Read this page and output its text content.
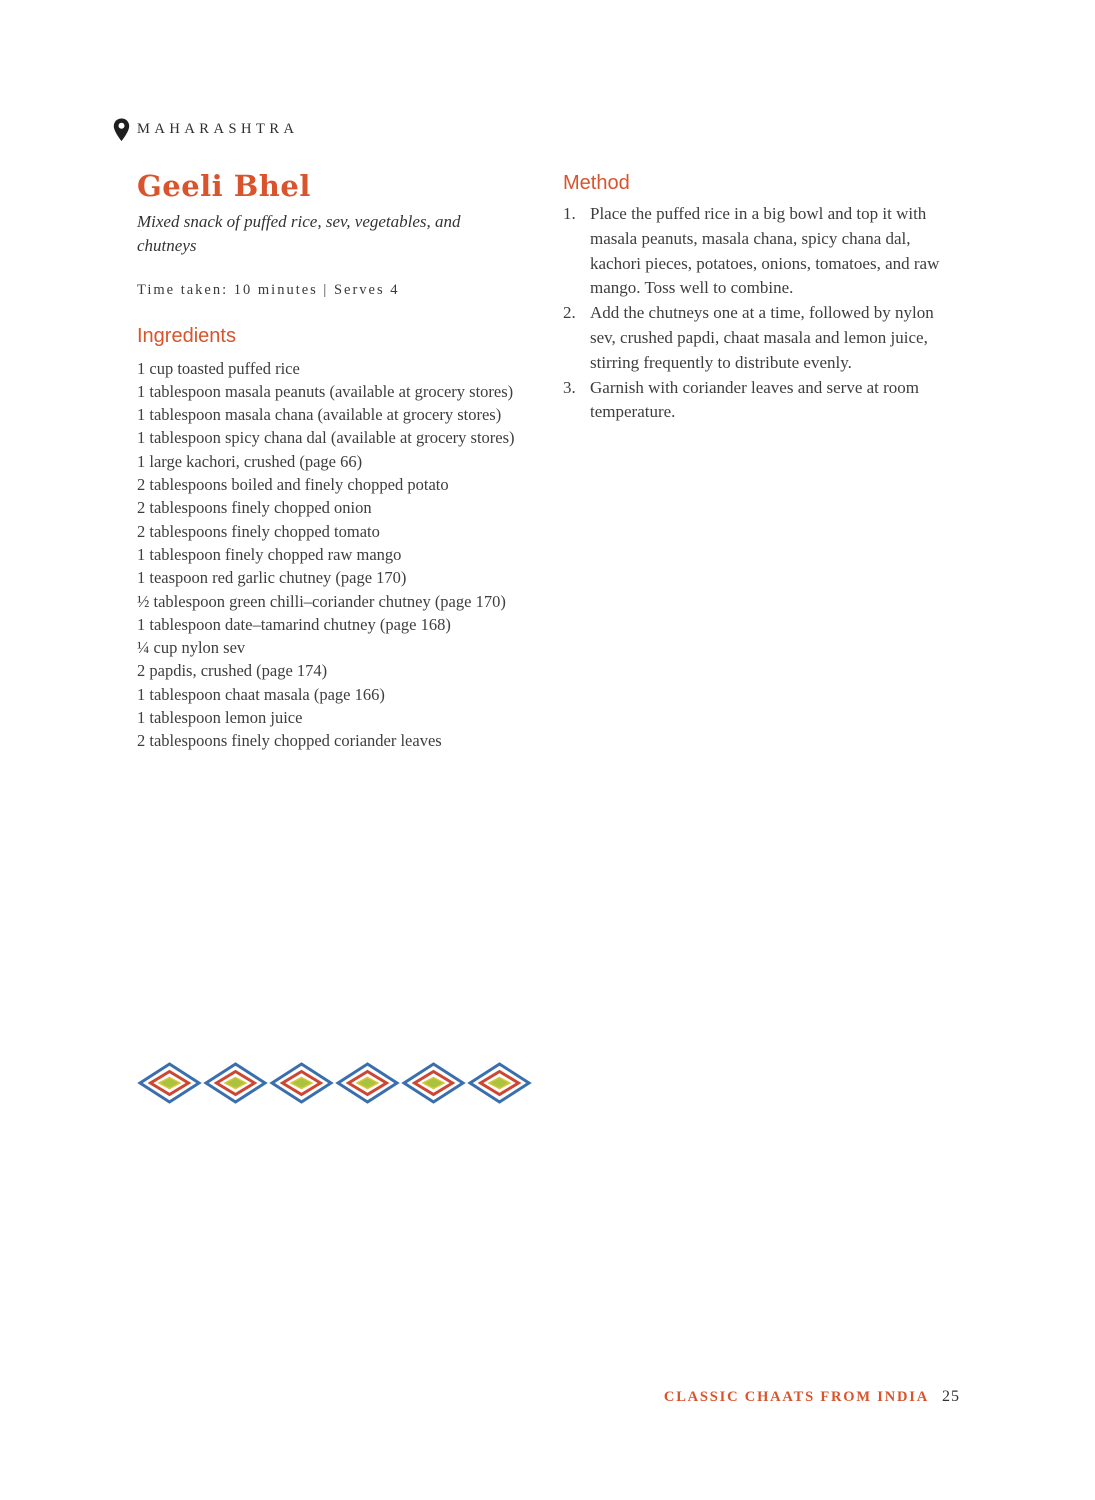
MAHARASHTRA
Geeli Bhel

Mixed snack of puffed rice, sev, vegetables, and chutneys

Time taken: 10 minutes | Serves 4

Ingredients
1 cup toasted puffed rice
1 tablespoon masala peanuts (available at grocery stores)
1 tablespoon masala chana (available at grocery stores)
1 tablespoon spicy chana dal (available at grocery stores)
1 large kachori, crushed (page 66)
2 tablespoons boiled and finely chopped potato
2 tablespoons finely chopped onion
2 tablespoons finely chopped tomato
1 tablespoon finely chopped raw mango
1 teaspoon red garlic chutney (page 170)
½ tablespoon green chilli–coriander chutney (page 170)
1 tablespoon date–tamarind chutney (page 168)
¼ cup nylon sev
2 papdis, crushed (page 174)
1 tablespoon chaat masala (page 166)
1 tablespoon lemon juice
2 tablespoons finely chopped coriander leaves
Method
Place the puffed rice in a big bowl and top it with masala peanuts, masala chana, spicy chana dal, kachori pieces, potatoes, onions, tomatoes, and raw mango. Toss well to combine.
Add the chutneys one at a time, followed by nylon sev, crushed papdi, chaat masala and lemon juice, stirring frequently to distribute evenly.
Garnish with coriander leaves and serve at room temperature.
CLASSIC CHAATS FROM INDIA 25
